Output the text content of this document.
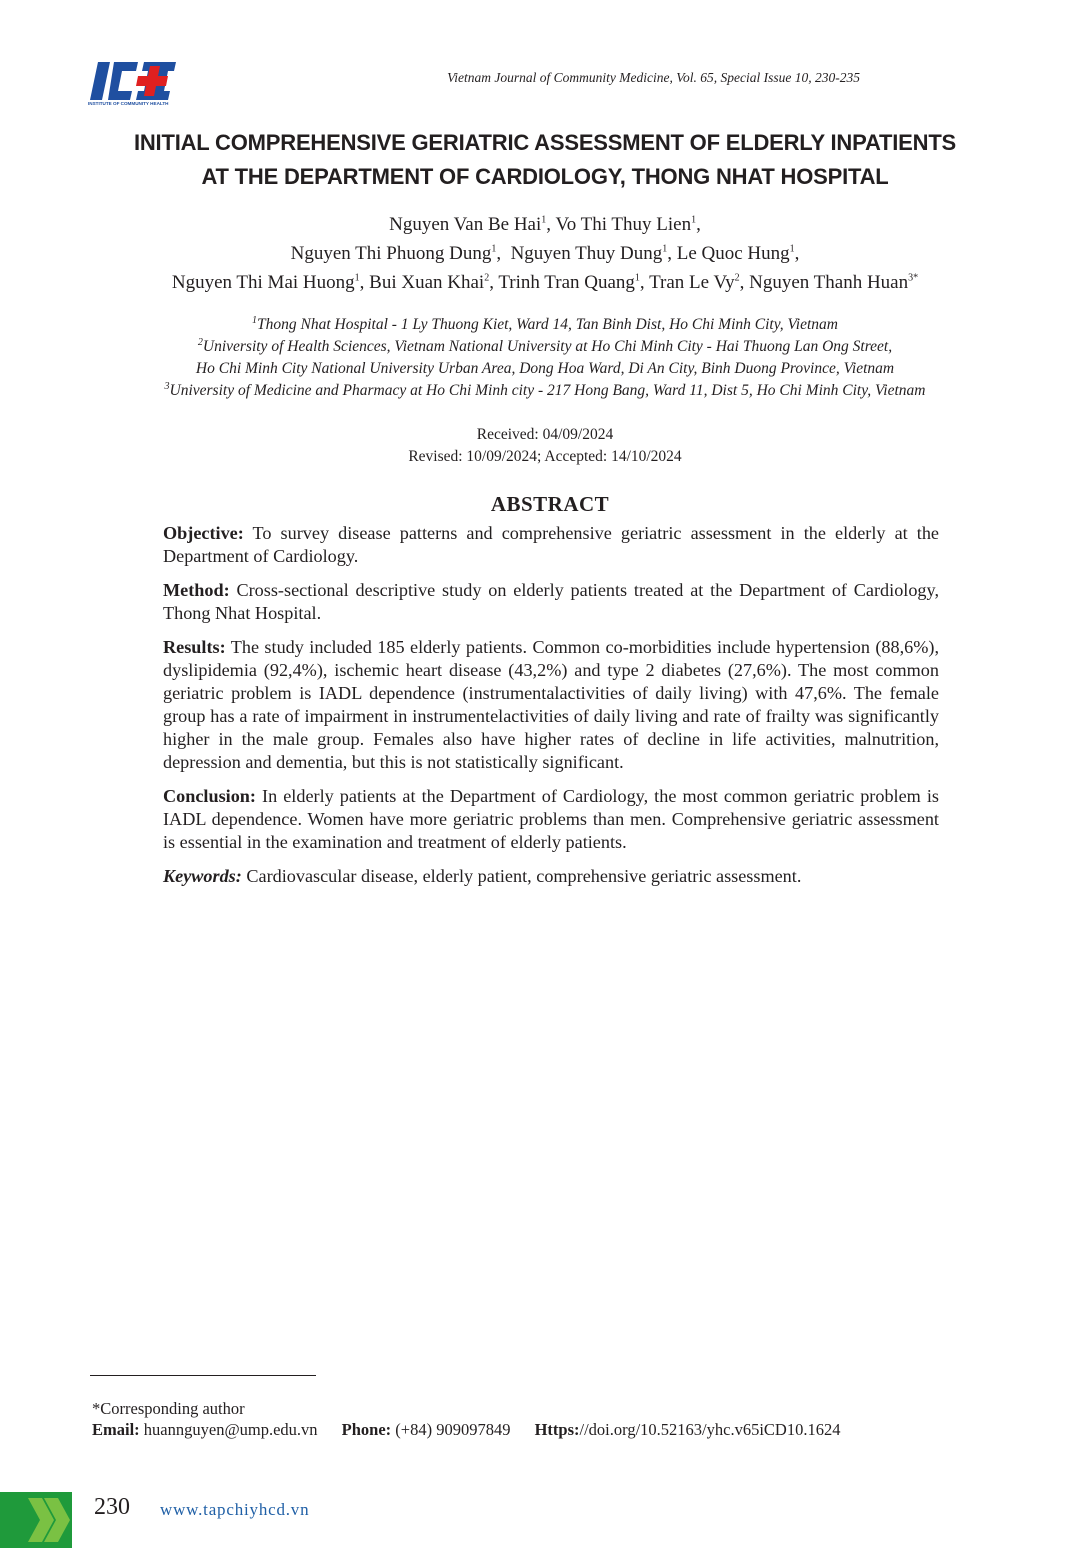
INSTITUTE OF COMMUNITY HEALTH
Vietnam Journal of Community Medicine, Vol. 65, Special Issue 10, 230-235
INITIAL COMPREHENSIVE GERIATRIC ASSESSMENT OF ELDERLY INPATIENTS
AT THE DEPARTMENT OF CARDIOLOGY, THONG NHAT HOSPITAL
Nguyen Van Be Hai$^1$, Vo Thi Thuy Lien$^1$,
Nguyen Thi Phuong Dung$^1$,  Nguyen Thuy Dung$^1$, Le Quoc Hung$^1$,
Nguyen Thi Mai Huong$^1$, Bui Xuan Khai$^2$, Trinh Tran Quang$^1$, Tran Le Vy$^2$, Nguyen Thanh Huan$^{3*}$
$^1$Thong Nhat Hospital - 1 Ly Thuong Kiet, Ward 14, Tan Binh Dist, Ho Chi Minh City, Vietnam
$^2$University of Health Sciences, Vietnam National University at Ho Chi Minh City - Hai Thuong Lan Ong Street,
Ho Chi Minh City National University Urban Area, Dong Hoa Ward, Di An City, Binh Duong Province, Vietnam
$^3$University of Medicine and Pharmacy at Ho Chi Minh city - 217 Hong Bang, Ward 11, Dist 5, Ho Chi Minh City, Vietnam
Received: 04/09/2024
Revised: 10/09/2024; Accepted: 14/10/2024
ABSTRACT

Objective: To survey disease patterns and comprehensive geriatric assessment in the elderly at the Department of Cardiology.

Method: Cross-sectional descriptive study on elderly patients treated at the Department of Cardiology, Thong Nhat Hospital.

Results: The study included 185 elderly patients. Common co-morbidities include hypertension (88,6%), dyslipidemia (92,4%), ischemic heart disease (43,2%) and type 2 diabetes (27,6%). The most common geriatric problem is IADL dependence (instrumentalactivities of daily living) with 47,6%. The female group has a rate of impairment in instrumentelactivities of daily living and rate of frailty was significantly higher in the male group. Females also have higher rates of decline in life activities, malnutrition, depression and dementia, but this is not statistically significant.

Conclusion: In elderly patients at the Department of Cardiology, the most common geriatric problem is IADL dependence. Women have more geriatric problems than men. Comprehensive geriatric assessment is essential in the examination and treatment of elderly patients.

Keywords: Cardiovascular disease, elderly patient, comprehensive geriatric assessment.

*Corresponding author
Email: huannguyen@ump.edu.vn Phone: (+84) 909097849 Https://doi.org/10.52163/yhc.v65iCD10.1624
230 www.tapchiyhcd.vn
